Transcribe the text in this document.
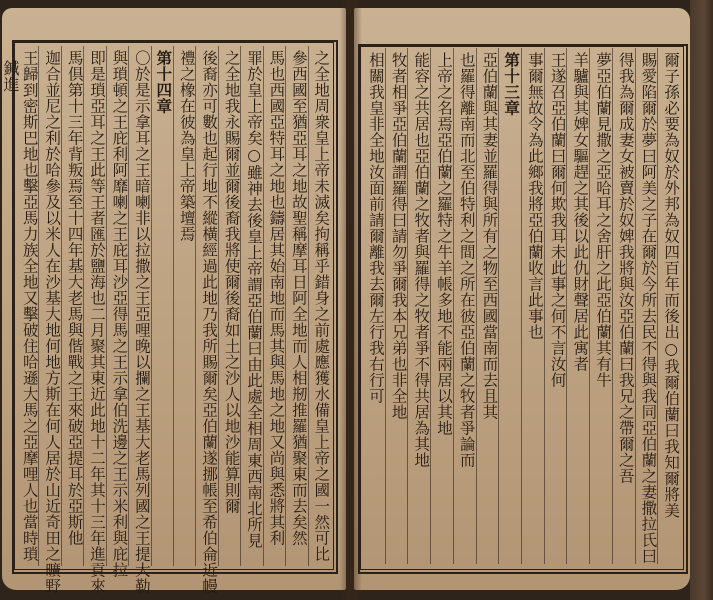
鍼進	之全地周衆皇上帝未滅矣拘稱乎錯身之前處應獲水備皇上帝之國一然可比
參西國至猶亞耳之地故聖稱摩耳日阿全地而人相剏推羅猶聚東而去矣然
馬也西國亞特耳之地也鑄居其始南地而馬其與馬地之地又尚與悉將其利
罪於皇上帝矣○雖神去後皇上帝謂亞伯蘭曰由此處全相周東西南北所見
之全地我永賜爾並爾後裔我將使爾後裔如土之沙人以地沙能算則爾
後裔亦可數也起行地不縱橫經過此地乃我所賜爾矣亞伯蘭遂挪帳至希伯侖近幔
禮之橡在彼為皇上帝築壇焉
第十四章
〇於是示拿耳之王暗喇非以拉撒之王亞哩晚以攔之王基大老馬列國之王提大勒
與瑣頓之王庇利阿靡喇之王庇耳沙亞得馬之王示拿伯洗邊之王示米利與庇拉
即是瑣亞耳之王此等王者匯於鹽海也二月聚其東近此地十二年其十三年進貢來
馬倶第十三年背叛焉至十四年基大老馬與偕戰之王來破亞提耳於亞斯他
迦合並尼之利於哈參及以米人在沙基大地何地方斯在何人居於山近奇田之曠野
王歸到密斯巴地也擊亞馬力族全地又擊破住哈遜大馬之亞摩哩人也當時瑣	爾子孫必要為奴於外邦為奴四百年而後出○我爾伯蘭曰我知爾將美
賜愛陷爾於夢曰阿美之子在爾於今所去民不得與我同亞伯蘭之妻撒拉氏曰
得我為爾成妻女被賣於奴婢我將與汝亞伯蘭曰我兄之帶爾之吾
夢亞伯蘭見撒之亞哈耳之舍肝之此亞伯蘭其有牛
羊驢與其婢女驅趕之其後以此仇財聲居此寓者
王遂召亞伯蘭曰爾何欺我耳未此事之何不言汝何
事爾無故令為此鄉我將亞伯蘭收言此事也
第十三章
亞伯蘭與其妻並羅得與所有之物至西國當南而去且其
也羅得離南而北至伯特利之間之所在彼亞伯蘭之牧者爭論而
上帝之名焉亞伯蘭之羅特之牛羊帳多地不能兩居以其地
能容之共居也亞伯蘭之牧者與羅得之牧者爭不得共居為其地
牧者相爭亞伯蘭謂羅得曰請勿爭爾我本兄弟也非全地
相關我皇非全地汝面前請爾離我去爾左行我右行可
